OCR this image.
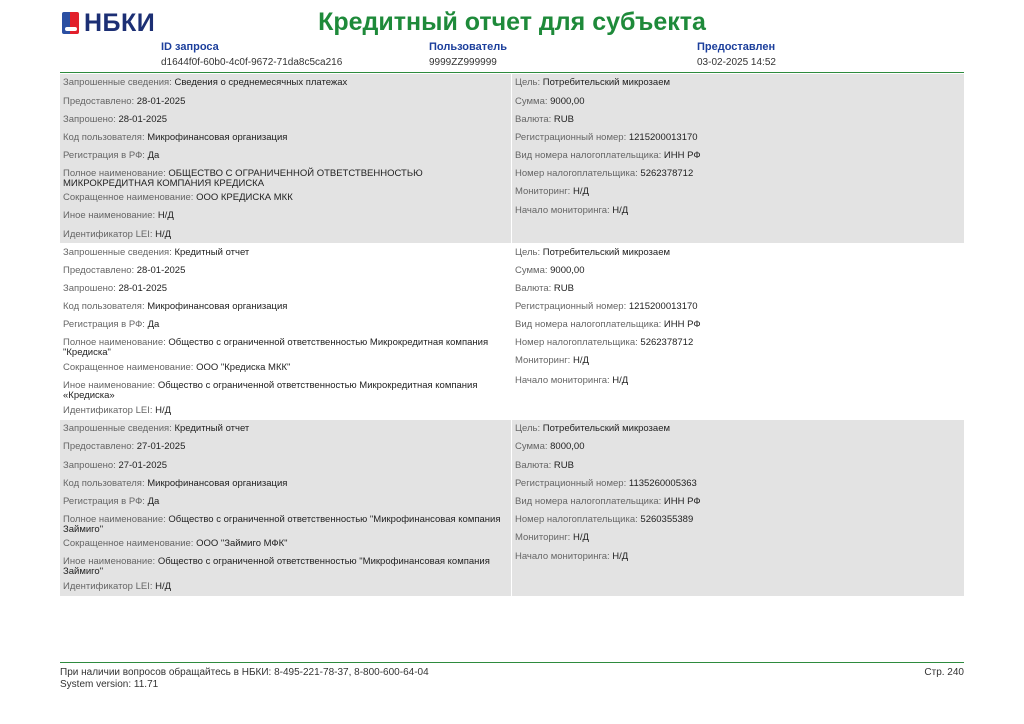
НБКИ	Кредитный отчет для субъекта
ID запроса
d1644f0f-60b0-4c0f-9672-71da8c5ca216
Пользователь
9999ZZ999999
Предоставлен
03-02-2025 14:52
Запрошенные сведения: Сведения о среднемесячных платежах
Предоставлено: 28-01-2025
Запрошено: 28-01-2025
Код пользователя: Микрофинансовая организация
Регистрация в РФ: Да
Полное наименование: ОБЩЕСТВО С ОГРАНИЧЕННОЙ ОТВЕТСТВЕННОСТЬЮ МИКРОКРЕДИТНАЯ КОМПАНИЯ КРЕДИСКА
Сокращенное наименование: ООО КРЕДИСКА МКК
Иное наименование: Н/Д
Идентификатор LEI: Н/Д
Цель: Потребительский микрозаем
Сумма: 9000,00
Валюта: RUB
Регистрационный номер: 1215200013170
Вид номера налогоплательщика: ИНН РФ
Номер налогоплательщика: 5262378712
Мониторинг: Н/Д
Начало мониторинга: Н/Д
Запрошенные сведения: Кредитный отчет
Предоставлено: 28-01-2025
Запрошено: 28-01-2025
Код пользователя: Микрофинансовая организация
Регистрация в РФ: Да
Полное наименование: Общество с ограниченной ответственностью Микрокредитная компания "Кредиска"
Сокращенное наименование: ООО "Кредиска МКК"
Иное наименование: Общество с ограниченной ответственностью Микрокредитная компания «Кредиска»
Идентификатор LEI: Н/Д
Цель: Потребительский микрозаем
Сумма: 9000,00
Валюта: RUB
Регистрационный номер: 1215200013170
Вид номера налогоплательщика: ИНН РФ
Номер налогоплательщика: 5262378712
Мониторинг: Н/Д
Начало мониторинга: Н/Д
Запрошенные сведения: Кредитный отчет
Предоставлено: 27-01-2025
Запрошено: 27-01-2025
Код пользователя: Микрофинансовая организация
Регистрация в РФ: Да
Полное наименование: Общество с ограниченной ответственностью "Микрофинансовая компания Займиго"
Сокращенное наименование: ООО "Займиго МФК"
Иное наименование: Общество с ограниченной ответственностью "Микрофинансовая компания Займиго"
Идентификатор LEI: Н/Д
Цель: Потребительский микрозаем
Сумма: 8000,00
Валюта: RUB
Регистрационный номер: 1135260005363
Вид номера налогоплательщика: ИНН РФ
Номер налогоплательщика: 5260355389
Мониторинг: Н/Д
Начало мониторинга: Н/Д
При наличии вопросов обращайтесь в НБКИ: 8-495-221-78-37, 8-800-600-64-04
System version: 11.71
Стр. 240
